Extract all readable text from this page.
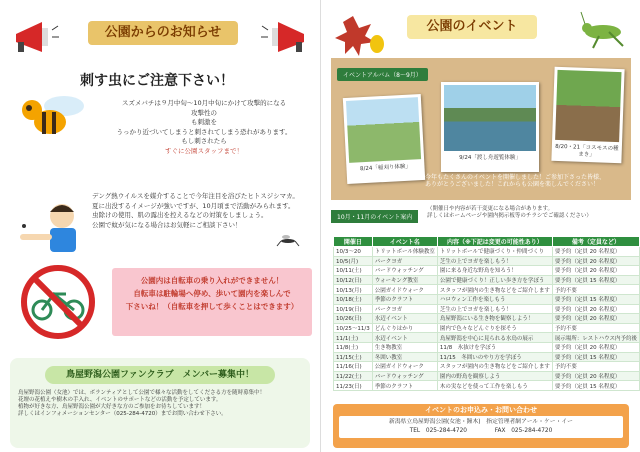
公園からのお知らせ
刺す虫にご注意下さい！
スズメバチは９月中旬～10月中旬にかけて攻撃的になる
攻撃性の
も刺激を
うっかり近づいてしまうと刺されてしまう恐れがあります。
もし刺されたら
すぐに公園スタッフまで！
デング熱ウイルスを媒介することで今年注目を浴びたヒトスジシマカ。
夏に出没するイメージが強いですが、10月頃まで活動がみられます。
虫除けの使用、肌の露出を控えるなどの対策をしましょう。
公園で蚊が気になる場合はお気軽にご相談下さい！
公園内は自転車の乗り入れができません！
自転車は駐輪場へ停め、歩いて園内を楽しんで
下さいね！（自転車を押して歩くことはできます）
鳥屋野潟公園ファンクラブ　メンバー募集中！
鳥屋野潟公園（女池）では、ボランティアとして公園で様々な活動をしてくださる方を随時募集中！
花壇の花植えや樹木の手入れ、イベントのサポートなどの活動を予定しています。
植物が好きな方、鳥屋野潟公園が大好きな方のご参加をお待ちしています！
詳しくはインフォメーションセンター（025-284-4720）までお問い合わせ下さい。
公園のイベント
イベントアルバム（8～9月）
8/24「稲刈り体験」
9/24「渡し舟遊覧体験」
8/20・21「コスモスの種まき」
今年もたくさんのイベントを開催しました！ご参加下さった皆様、
ありがとうございました！これからも公園を楽しんでください！
10月・11月のイベント案内
（開催日や内容が若干変更になる場合があります。
詳しくはホームページや園内掲示板等のチラシでご確認ください）
開催日	イベント名	内容（※下記は変更の可能性あり）	備考（定員など）
10/3～20	トリットボール体験教室	トリットボールで健康づくり・仲間づくり	要予約（定員 20 名程度）
10/5(月)	パークヨガ	芝生の上でヨガを楽しもう！	要予約（定員 20 名程度）
10/11(土)	バードウォッチング	園に来る身近な野鳥を知ろう！	要予約（定員 20 名程度）
10/12(日)	ウォーキング教室	公園で健康づくり！正しい歩き方を学ぼう	要予約（定員 15 名程度）
10/13(月)	公園ガイドウォーク	スタッフが園内の生き物などをご紹介します	予約不要
10/18(土)	季節のクラフト	ハロウィン工作を楽しもう	要予約（定員 15 名程度）
10/19(日)	パークヨガ	芝生の上でヨガを楽しもう！	要予約（定員 20 名程度）
10/26(日)	水辺イベント	鳥屋野潟にいる生き物を観察しよう！	要予約（定員 20 名程度）
10/25～11/3	どんぐりはかり	園内で色々などんぐりを探そう	予約不要
11/1(土)	水辺イベント	鳥屋野潟を中心に見られる水鳥の展示	展示場所：レストハウス内予約後
11/8(土)	生き物教室	11/8　氷抜けを学ぼう	要予約（定員 20 名程度）
11/15(土)	冬囲い教室	11/15　冬囲いのやり方を学ぼう	要予約（定員 15 名程度）
11/16(日)	公園ガイドウォーク	スタッフが園内の生き物などをご紹介します	予約不要
11/22(土)	バードウォッチング	園内の野鳥を観察しよう	要予約（定員 20 名程度）
11/23(日)	季節のクラフト	木の実などを使って工作を楽しもう	要予約（定員 15 名程度）
イベントのお申込み・お問い合わせ
新潟県立鳥屋野潟公園(女池・鐘木)　指定管理者網アール・ケー・イー
TEL　025-284-4720	FAX　025-284-4720
